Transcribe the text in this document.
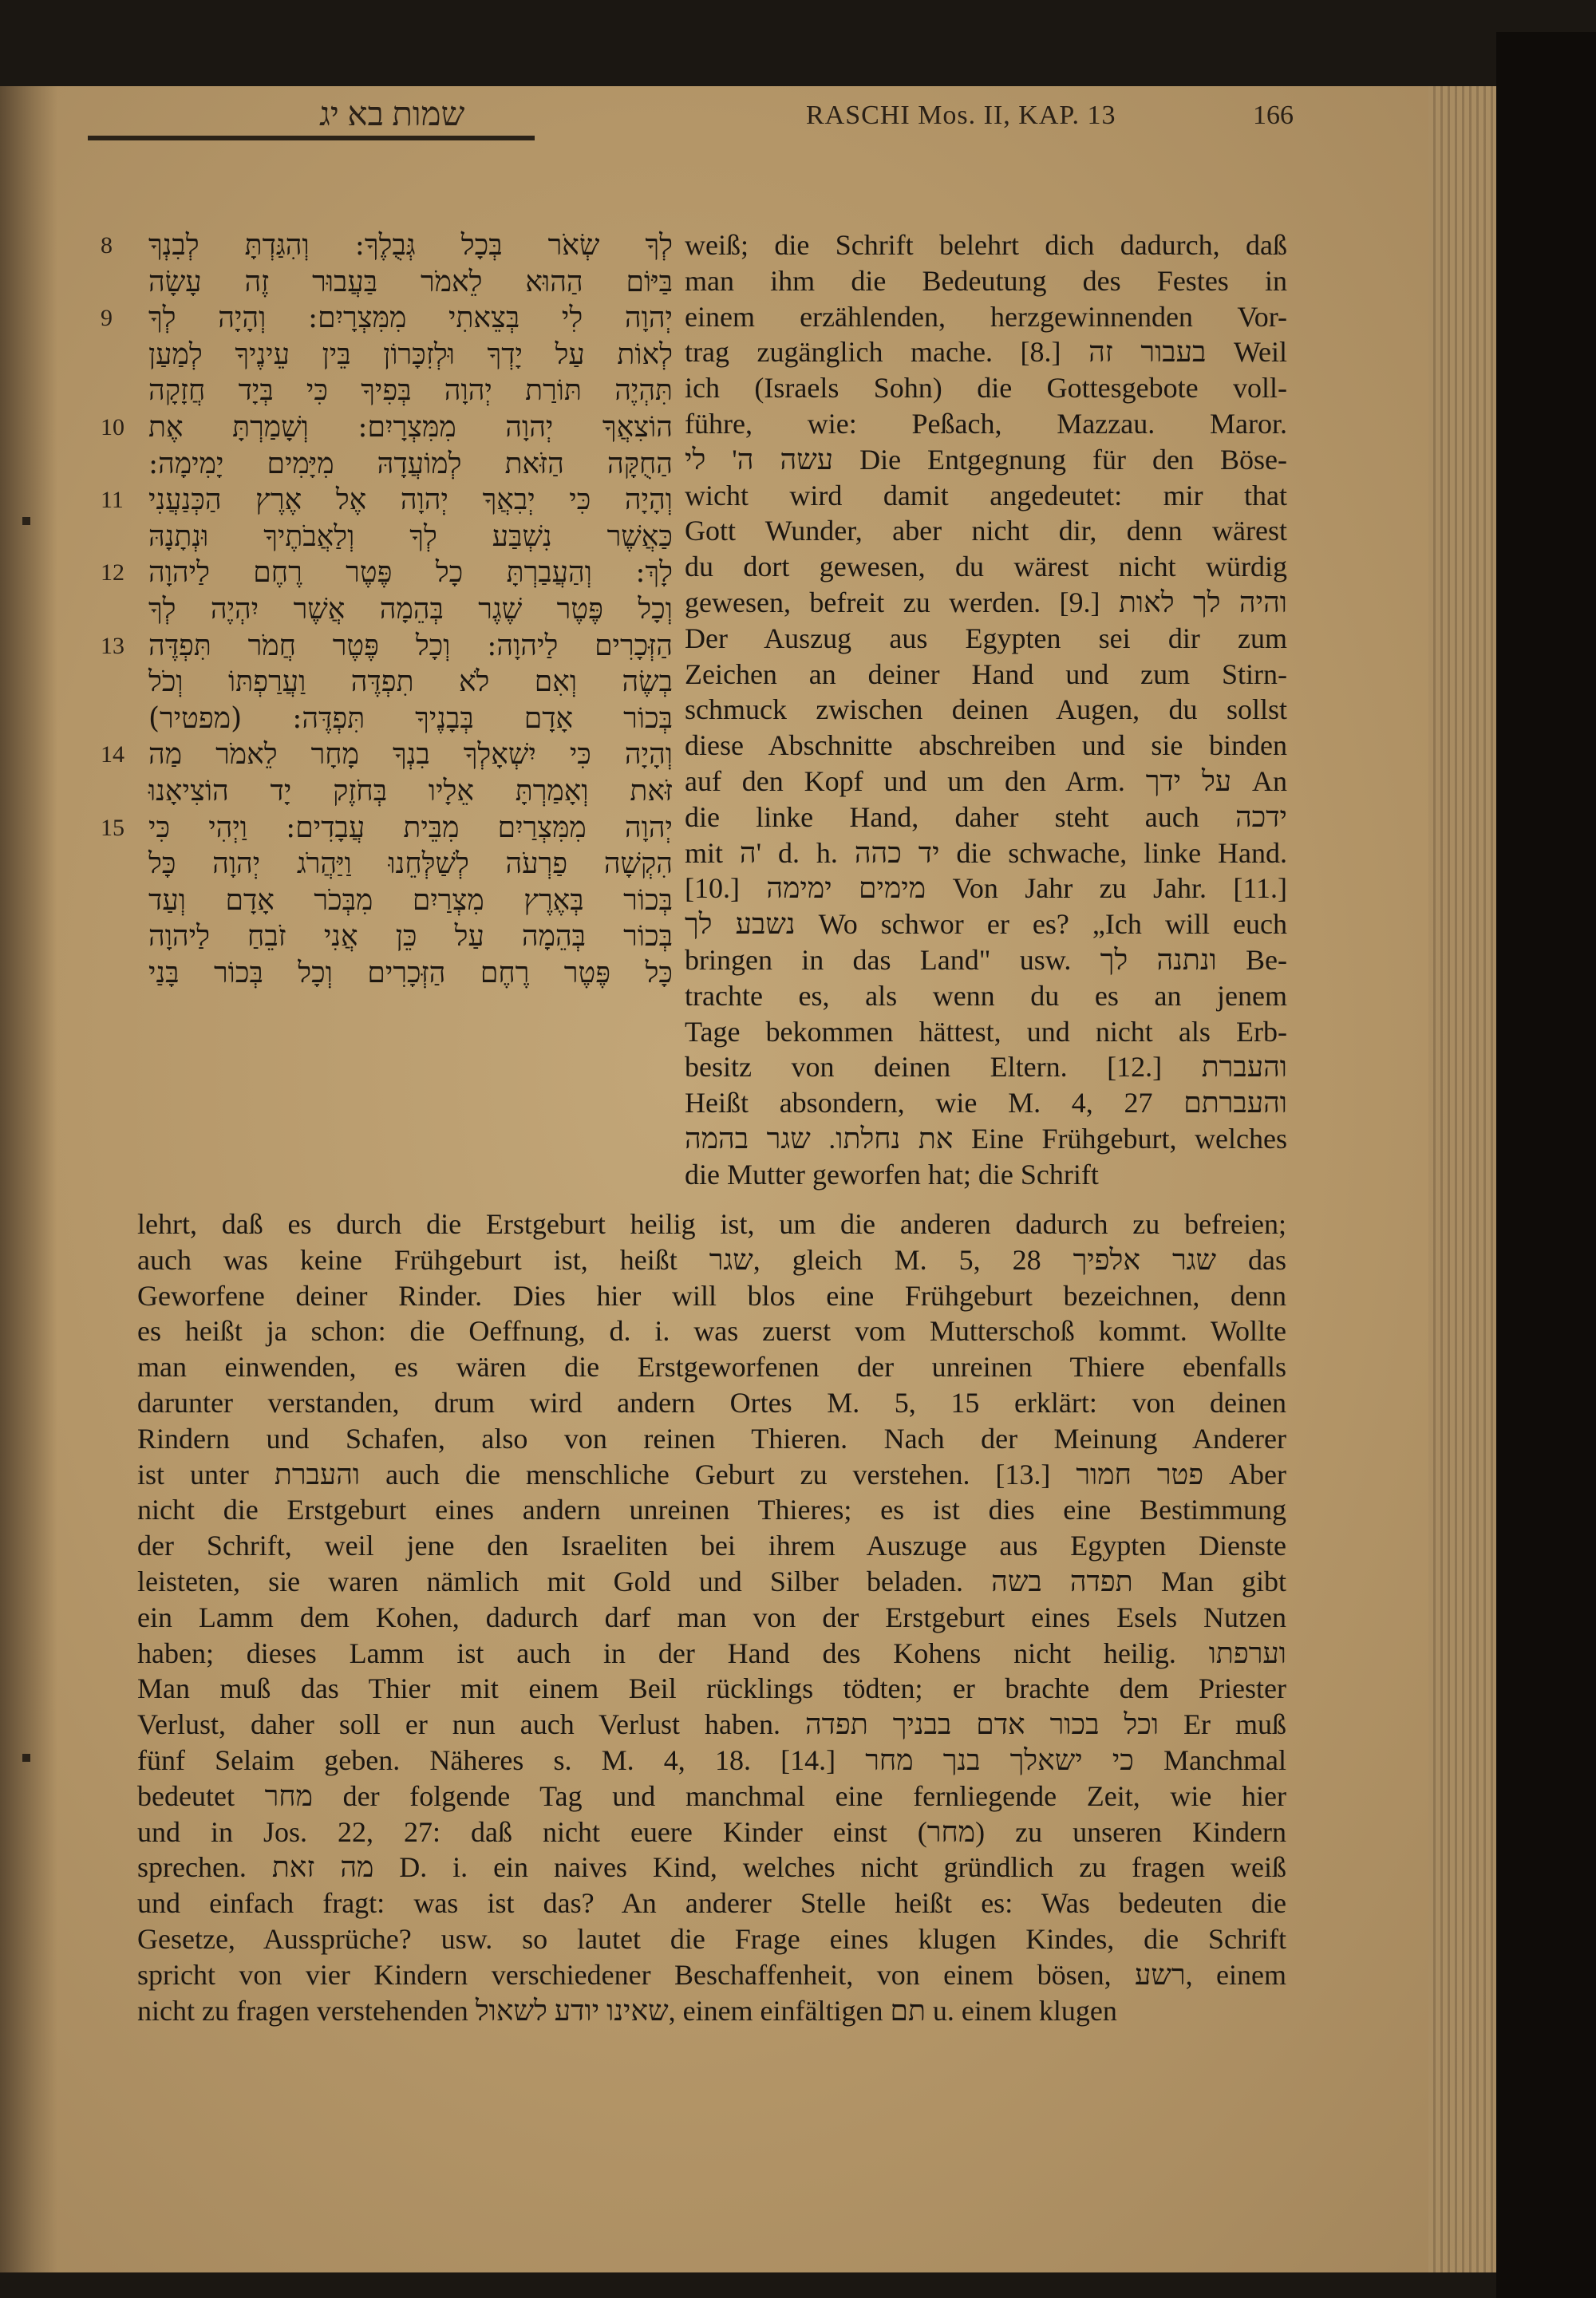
שמות בא יג	RASCHI Mos. II, KAP. 13	166
8	לְךָ שְׂאֹר בְּכָל גְּבֻלֶךָ: וְהִגַּדְתָּ לְבִנְךָ
בַּיּוֹם הַהוּא לֵאמֹר בַּעֲבוּר זֶה עָשָׂה
9	יְהוָה לִי בְּצֵאתִי מִמִּצְרָיִם: וְהָיָה לְךָ
לְאוֹת עַל יָדְךָ וּלְזִכָּרוֹן בֵּין עֵינֶיךָ לְמַעַן
תִּהְיֶה תּוֹרַת יְהוָה בְּפִיךָ כִּי בְּיָד חֲזָקָה
10 הוֹצִאֲךָ יְהוָה מִמִּצְרָיִם: וְשָׁמַרְתָּ אֶת
הַחֻקָּה הַזֹּאת לְמוֹעֲדָהּ מִיָּמִים יָמִימָה:
11 וְהָיָה כִּי יְבִאֲךָ יְהוָה אֶל אֶרֶץ הַכְּנַעֲנִי
כַּאֲשֶׁר נִשְׁבַּע לְךָ וְלַאֲבֹתֶיךָ וּנְתָנָהּ
12 לָךְ: וְהַעֲבַרְתָּ כָל פֶּטֶר רֶחֶם לַיהוָה
וְכָל פֶּטֶר שֶׁגֶר בְּהֵמָה אֲשֶׁר יִהְיֶה לְךָ
13 הַזְּכָרִים לַיהוָה: וְכָל פֶּטֶר חֲמֹר תִּפְדֶּה
בְשֶׂה וְאִם לֹא תִפְדֶּה וַעֲרַפְתּוֹ וְכֹל
בְּכוֹר אָדָם בְּבָנֶיךָ תִּפְדֶּה: (מפטיר)
14 וְהָיָה כִּי יִשְׁאָלְךָ בִנְךָ מָחָר לֵאמֹר מַה
זֹּאת וְאָמַרְתָּ אֵלָיו בְּחֹזֶק יָד הוֹצִיאָנוּ
15 יְהוָה מִמִּצְרַיִם מִבֵּית עֲבָדִים: וַיְהִי כִּי
הִקְשָׁה פַרְעֹה לְשַׁלְּחֵנוּ וַיַּהֲרֹג יְהוָה כָּל
בְּכוֹר בְּאֶרֶץ מִצְרַיִם מִבְּכֹר אָדָם וְעַד
בְּכוֹר בְּהֵמָה עַל כֵּן אֲנִי זֹבֵחַ לַיהוָה
כָּל פֶּטֶר רֶחֶם הַזְּכָרִים וְכָל בְּכוֹר בָּנַי
weiß; die Schrift belehrt dich dadurch, daß
man ihm die Bedeutung des Festes in
einem erzählenden, herzgewinnenden Vor-
trag zugänglich mache. [8.] בעבור זה Weil
ich (Israels Sohn) die Gottesgebote voll-
führe, wie: Peßach, Mazzau. Maror.
עשה ה' לי Die Entgegnung für den Böse-
wicht wird damit angedeutet: mir that
Gott Wunder, aber nicht dir, denn wärest
du dort gewesen, du wärest nicht würdig
gewesen, befreit zu werden. [9.] והיה לך לאות
Der Auszug aus Egypten sei dir zum
Zeichen an deiner Hand und zum Stirn-
schmuck zwischen deinen Augen, du sollst
diese Abschnitte abschreiben und sie binden
auf den Kopf und um den Arm. על ידך An
die linke Hand, daher steht auch ידכה
mit ה' d. h. יד כהה die schwache, linke Hand.
[10.] מימים ימימה Von Jahr zu Jahr. [11.]
נשבע לך Wo schwor er es? „Ich will euch
bringen in das Land" usw. ונתנה לך Be-
trachte es, als wenn du es an jenem
Tage bekommen hättest, und nicht als Erb-
besitz von deinen Eltern. [12.] והעברת
Heißt absondern, wie M. 4, 27 והעברתם
את נחלתו. שגר בהמה Eine Frühgeburt, welches
die Mutter geworfen hat; die Schrift
lehrt, daß es durch die Erstgeburt heilig ist, um die anderen dadurch zu befreien;
auch was keine Frühgeburt ist, heißt שגר, gleich M. 5, 28 שגר אלפיך das
Geworfene deiner Rinder. Dies hier will blos eine Frühgeburt bezeichnen, denn
es heißt ja schon: die Oeffnung, d. i. was zuerst vom Mutterschoß kommt. Wollte
man einwenden, es wären die Erstgeworfenen der unreinen Thiere ebenfalls
darunter verstanden, drum wird andern Ortes M. 5, 15 erklärt: von deinen
Rindern und Schafen, also von reinen Thieren. Nach der Meinung Anderer
ist unter והעברת auch die menschliche Geburt zu verstehen. [13.] פטר חמור Aber
nicht die Erstgeburt eines andern unreinen Thieres; es ist dies eine Bestimmung
der Schrift, weil jene den Israeliten bei ihrem Auszuge aus Egypten Dienste
leisteten, sie waren nämlich mit Gold und Silber beladen. תפדה בשה Man gibt
ein Lamm dem Kohen, dadurch darf man von der Erstgeburt eines Esels Nutzen
haben; dieses Lamm ist auch in der Hand des Kohens nicht heilig. וערפתו
Man muß das Thier mit einem Beil rücklings tödten; er brachte dem Priester
Verlust, daher soll er nun auch Verlust haben. וכל בכור אדם בבניך תפדה Er muß
fünf Selaim geben. Näheres s. M. 4, 18. [14.] כי ישאלך בנך מחר Manchmal
bedeutet מחר der folgende Tag und manchmal eine fernliegende Zeit, wie hier
und in Jos. 22, 27: daß nicht euere Kinder einst (מחר) zu unseren Kindern
sprechen. מה זאת D. i. ein naives Kind, welches nicht gründlich zu fragen weiß
und einfach fragt: was ist das? An anderer Stelle heißt es: Was bedeuten die
Gesetze, Aussprüche? usw. so lautet die Frage eines klugen Kindes, die Schrift
spricht von vier Kindern verschiedener Beschaffenheit, von einem bösen, רשע, einem
nicht zu fragen verstehenden שאינו יודע לשאול, einem einfältigen תם u. einem klugen
